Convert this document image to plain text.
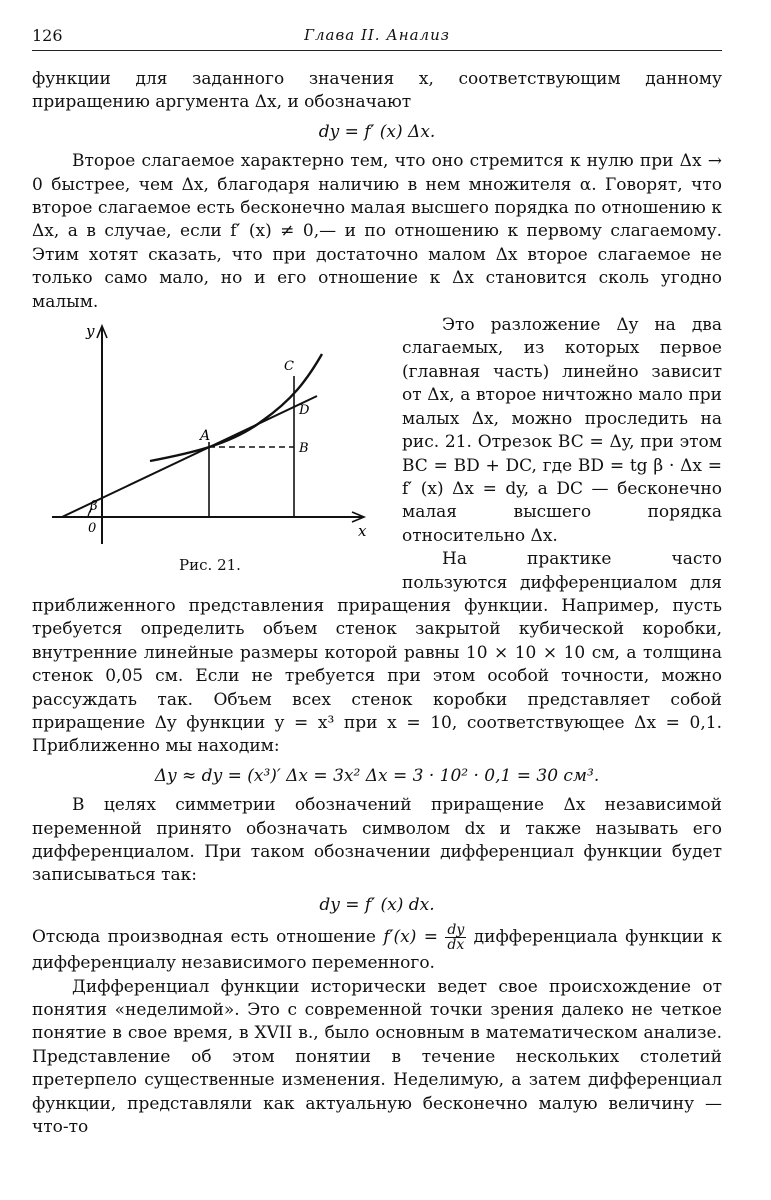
126	Глава II. Анализ

функции для заданного значения x, соответствующим данному приращению аргумента Δx, и обозначают

dy = f′ (x) Δx.

Второе слагаемое характерно тем, что оно стремится к нулю при Δx → 0 быстрее, чем Δx, благодаря наличию в нем множителя α. Говорят, что второе слагаемое есть бесконечно малая высшего порядка по отношению к Δx, а в случае, если f′ (x) ≠ 0,— и по отношению к первому слагаемому. Этим хотят сказать, что при достаточно малом Δx второе слагаемое не только само мало, но и его отношение к Δx становится сколь угодно малым.

y
x
0
β
A
B
C
D
Рис. 21.

Это разложение Δy на два слагаемых, из которых первое (главная часть) линейно зависит от Δx, а второе ничтожно мало при малых Δx, можно проследить на рис. 21. Отрезок BC = Δy, при этом BC = BD + DC, где BD = tg β · Δx = f′ (x) Δx = dy, а DC — бесконечно малая высшего порядка относительно Δx.

На практике часто пользуются дифференциалом для приближенного представления приращения функции. Например, пусть требуется определить объем стенок закрытой кубической коробки, внутренние линейные размеры которой равны 10 × 10 × 10 см, а толщина стенок 0,05 см. Если не требуется при этом особой точности, можно рассуждать так. Объем всех стенок коробки представляет собой приращение Δy функции y = x³ при x = 10, соответствующее Δx = 0,1. Приближенно мы находим:

Δy ≈ dy = (x³)′ Δx = 3x² Δx = 3 · 10² · 0,1 = 30 см³.

В целях симметрии обозначений приращение Δx независимой переменной принято обозначать символом dx и также называть его дифференциалом. При таком обозначении дифференциал функции будет записываться так:

dy = f′ (x) dx.

Отсюда производная есть отношение $f'(x) = \frac{dy}{dx}$ дифференциала функции к дифференциалу независимого переменного.

Дифференциал функции исторически ведет свое происхождение от понятия «неделимой». Это с современной точки зрения далеко не четкое понятие в свое время, в XVII в., было основным в математическом анализе. Представление об этом понятии в течение нескольких столетий претерпело существенные изменения. Неделимую, а затем дифференциал функции, представляли как актуальную бесконечно малую величину — что-то
